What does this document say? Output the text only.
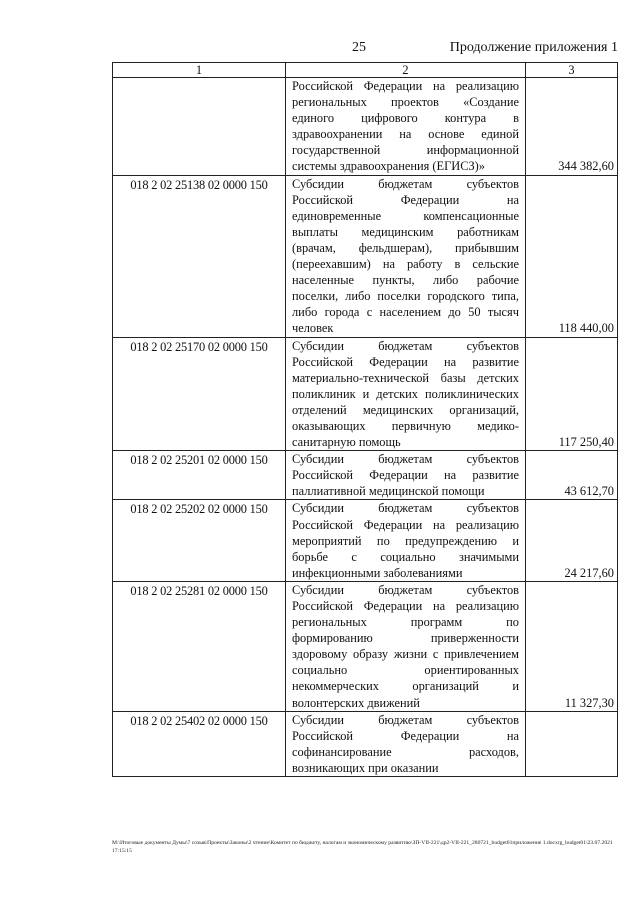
25	Продолжение приложения 1
1	2	3
	Российской Федерации на реализацию региональных проектов «Создание единого цифрового контура в здравоохранении на основе единой государственной информационной системы здравоохранения (ЕГИСЗ)»	344 382,60
018 2 02 25138 02 0000 150	Субсидии бюджетам субъектов Российской Федерации на единовременные компенсационные выплаты медицинским работникам (врачам, фельдшерам), прибывшим (переехавшим) на работу в сельские населенные пункты, либо рабочие поселки, либо поселки городского типа, либо города с населением до 50 тысяч человек	118 440,00
018 2 02 25170 02 0000 150	Субсидии бюджетам субъектов Российской Федерации на развитие материально-технической базы детских поликлиник и детских поликлинических отделений медицинских организаций, оказывающих первичную медико-санитарную помощь	117 250,40
018 2 02 25201 02 0000 150	Субсидии бюджетам субъектов Российской Федерации на развитие паллиативной медицинской помощи	43 612,70
018 2 02 25202 02 0000 150	Субсидии бюджетам субъектов Российской Федерации на реализацию мероприятий по предупреждению и борьбе с социально значимыми инфекционными заболеваниями	24 217,60
018 2 02 25281 02 0000 150	Субсидии бюджетам субъектов Российской Федерации на реализацию региональных программ по формированию приверженности здоровому образу жизни с привлечением социально ориентированных некоммерческих организаций и волонтерских движений	11 327,30
018 2 02 25402 02 0000 150	Субсидии бюджетам субъектов Российской Федерации на софинансирование расходов, возникающих при оказании	
М:\Итоговые документы Думы\7 созыв\Проекты\Законы\2 чтение\Комитет по бюджету, налогам и экономическому развитию\ЗП-VII-221\др2-VII-221_280721_budget01приложение 1.docxrg_budget01\23.07.2021 17:15:15
